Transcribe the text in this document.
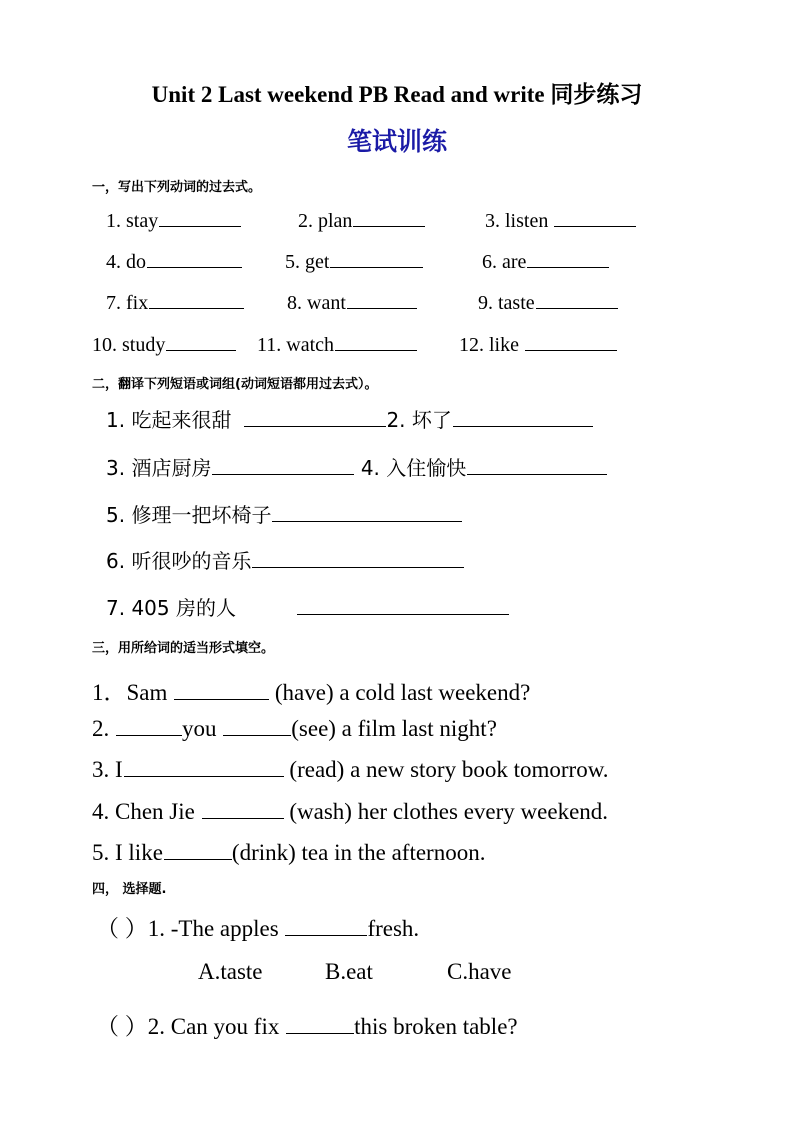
Unit 2 Last weekend PB Read and write 同步练习
笔试训练
一，写出下列动词的过去式。
1. stay	2. plan	3. listen
4. do	5. get	6. are
7. fix	8. want	9. taste
10. study	11. watch	12. like
二，翻译下列短语或词组(动词短语都用过去式）。
1. 吃起来很甜	2. 坏了
3. 酒店厨房	4. 入住愉快
5. 修理一把坏椅子
6. 听很吵的音乐
7. 405 房的人
三，用所给词的适当形式填空。
1．Sam	(have) a cold last weekend?
2.	you	(see) a film last night?
3. I	(read) a new story book tomorrow.
4. Chen Jie	(wash) her clothes every weekend.
5. I like	(drink) tea in the afternoon.
四， 选择题.
（ ）1. -The apples	fresh.
A.taste	B.eat	C.have
（ ）2. Can you fix	this broken table?
